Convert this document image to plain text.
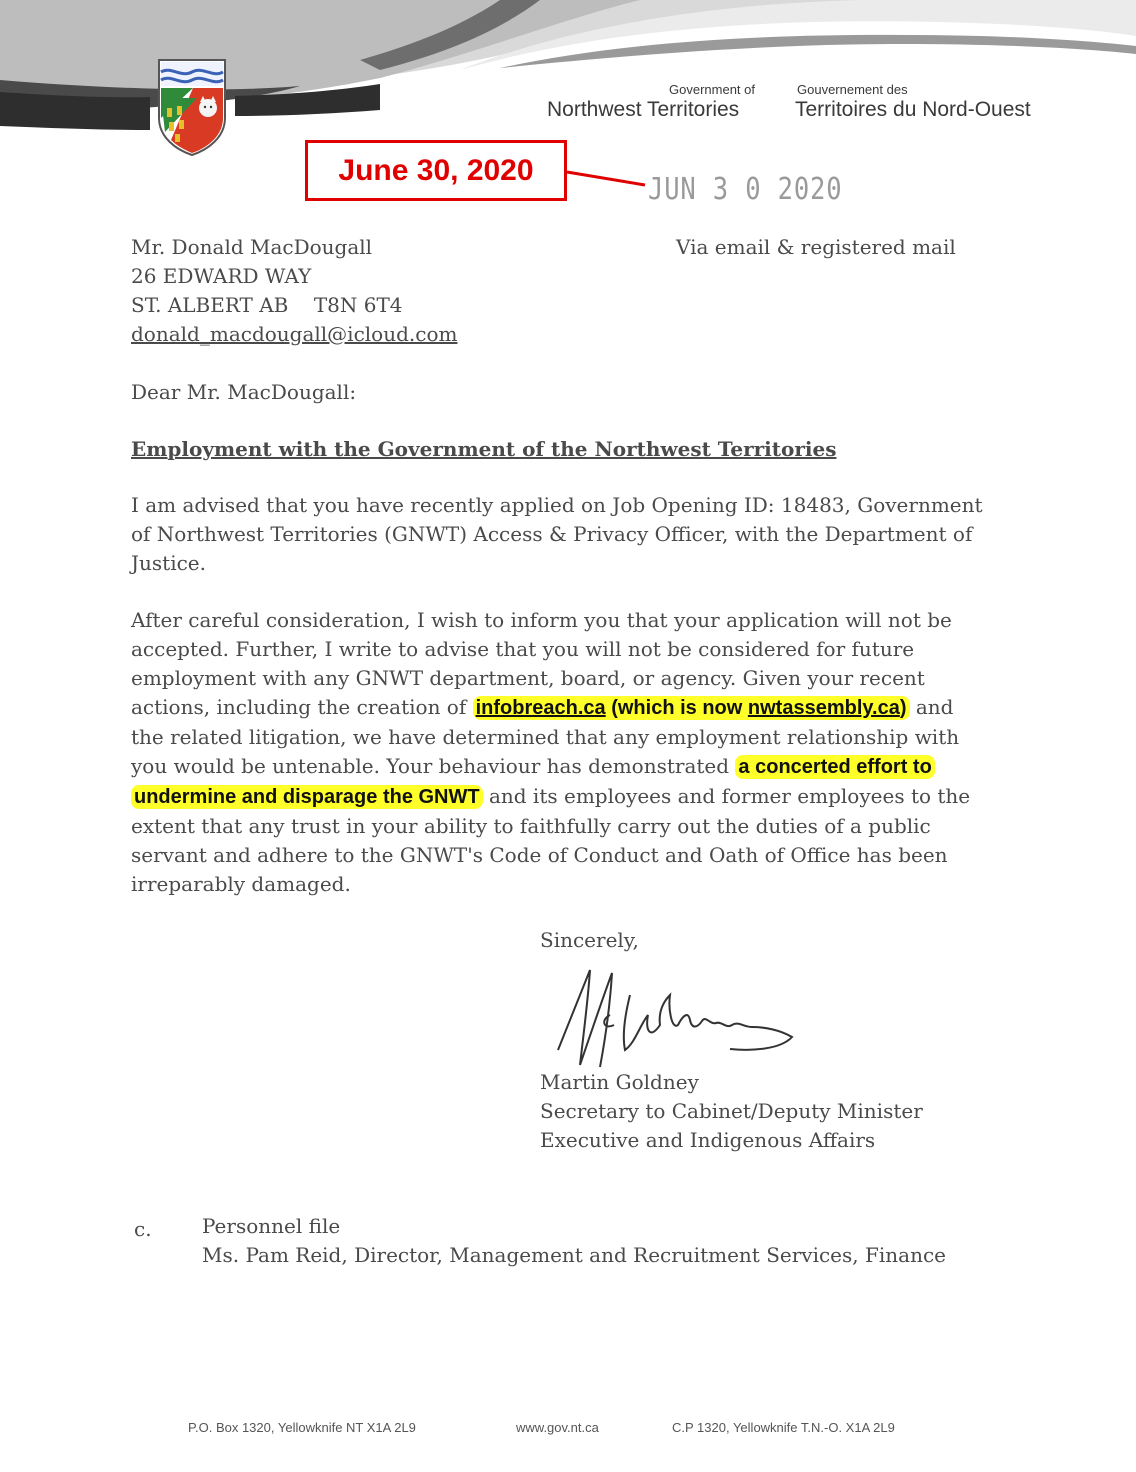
Government of
Northwest Territories
Gouvernement des
Territoires du Nord-Ouest
June 30, 2020
JUN 3 0 2020
Mr. Donald MacDougall
26 EDWARD WAY
ST. ALBERT AB    T8N 6T4
donald_macdougall@icloud.com
Via email & registered mail
Dear Mr. MacDougall:
Employment with the Government of the Northwest Territories
I am advised that you have recently applied on Job Opening ID: 18483, Government
of Northwest Territories (GNWT) Access & Privacy Officer, with the Department of
Justice.
After careful consideration, I wish to inform you that your application will not be
accepted. Further, I write to advise that you will not be considered for future
employment with any GNWT department, board, or agency. Given your recent
actions, including the creation of infobreach.ca (which is now nwtassembly.ca) and
the related litigation, we have determined that any employment relationship with
you would be untenable. Your behaviour has demonstrated a concerted effort to
undermine and disparage the GNWT and its employees and former employees to the
extent that any trust in your ability to faithfully carry out the duties of a public
servant and adhere to the GNWT's Code of Conduct and Oath of Office has been
irreparably damaged.
Sincerely,
Martin Goldney
Secretary to Cabinet/Deputy Minister
Executive and Indigenous Affairs
c.	Personnel file
Ms. Pam Reid, Director, Management and Recruitment Services, Finance
P.O. Box 1320, Yellowknife NT X1A 2L9	www.gov.nt.ca	C.P 1320, Yellowknife T.N.-O. X1A 2L9
